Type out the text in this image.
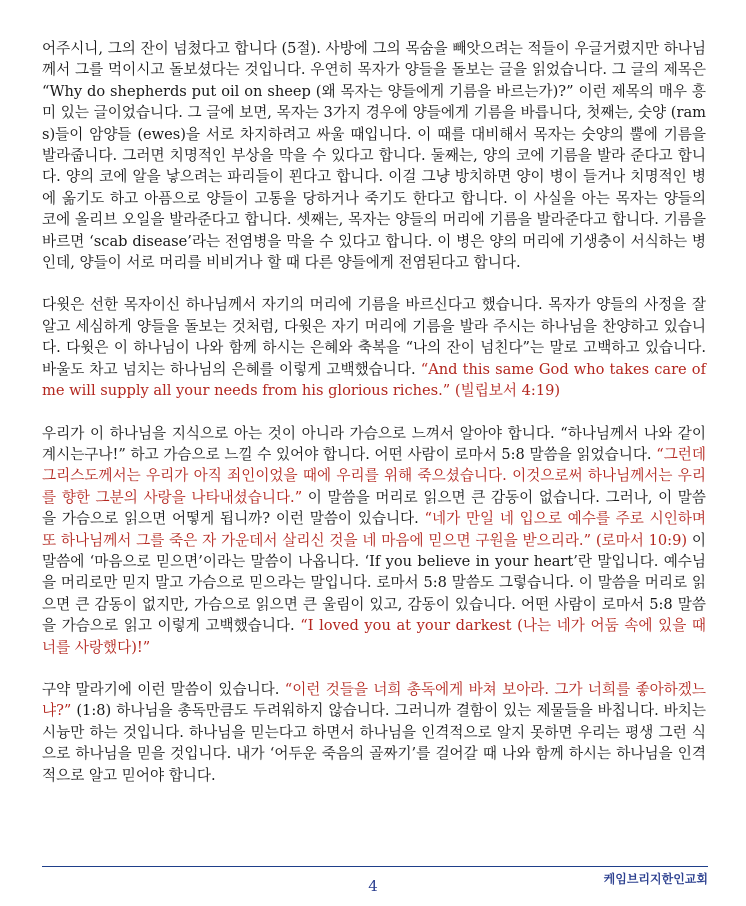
어주시니, 그의 잔이 넘쳤다고 합니다 (5절). 사방에 그의 목숨을 빼앗으려는 적들이 우글거렸지만 하나님께서 그를 먹이시고 돌보셨다는 것입니다. 우연히 목자가 양들을 돌보는 글을 읽었습니다. 그 글의 제목은 “Why do shepherds put oil on sheep (왜 목자는 양들에게 기름을 바르는가)?” 이런 제목의 매우 흥미 있는 글이었습니다. 그 글에 보면, 목자는 3가지 경우에 양들에게 기름을 바릅니다, 첫째는, 숫양 (rams)들이 암양들 (ewes)을 서로 차지하려고 싸울 때입니다. 이 때를 대비해서 목자는 숫양의 뿔에 기름을 발라줍니다. 그러면 치명적인 부상을 막을 수 있다고 합니다. 둘째는, 양의 코에 기름을 발라 준다고 합니다. 양의 코에 알을 낳으려는 파리들이 꾄다고 합니다. 이걸 그냥 방치하면 양이 병이 들거나 치명적인 병에 옮기도 하고 아픔으로 양들이 고통을 당하거나 죽기도 한다고 합니다. 이 사실을 아는 목자는 양들의 코에 올리브 오일을 발라준다고 합니다. 셋째는, 목자는 양들의 머리에 기름을 발라준다고 합니다. 기름을 바르면 ‘scab disease’라는 전염병을 막을 수 있다고 합니다. 이 병은 양의 머리에 기생충이 서식하는 병인데, 양들이 서로 머리를 비비거나 할 때 다른 양들에게 전염된다고 합니다.

다윗은 선한 목자이신 하나님께서 자기의 머리에 기름을 바르신다고 했습니다. 목자가 양들의 사정을 잘 알고 세심하게 양들을 돌보는 것처럼, 다윗은 자기 머리에 기름을 발라 주시는 하나님을 찬양하고 있습니다. 다윗은 이 하나님이 나와 함께 하시는 은혜와 축복을 “나의 잔이 넘친다”는 말로 고백하고 있습니다. 바울도 차고 넘치는 하나님의 은혜를 이렇게 고백했습니다. “And this same God who takes care of me will supply all your needs from his glorious riches.” (빌립보서 4:19)

우리가 이 하나님을 지식으로 아는 것이 아니라 가슴으로 느껴서 알아야 합니다. “하나님께서 나와 같이 계시는구나!” 하고 가슴으로 느낄 수 있어야 합니다. 어떤 사람이 로마서 5:8 말씀을 읽었습니다. “그런데 그리스도께서는 우리가 아직 죄인이었을 때에 우리를 위해 죽으셨습니다. 이것으로써 하나님께서는 우리를 향한 그분의 사랑을 나타내셨습니다.” 이 말씀을 머리로 읽으면 큰 감동이 없습니다. 그러나, 이 말씀을 가슴으로 읽으면 어떻게 됩니까? 이런 말씀이 있습니다. “네가 만일 네 입으로 예수를 주로 시인하며 또 하나님께서 그를 죽은 자 가운데서 살리신 것을 네 마음에 믿으면 구원을 받으리라.” (로마서 10:9) 이 말씀에 ‘마음으로 믿으면’이라는 말씀이 나옵니다. ‘If you believe in your heart’란 말입니다. 예수님을 머리로만 믿지 말고 가슴으로 믿으라는 말입니다. 로마서 5:8 말씀도 그렇습니다. 이 말씀을 머리로 읽으면 큰 감동이 없지만, 가슴으로 읽으면 큰 울림이 있고, 감동이 있습니다. 어떤 사람이 로마서 5:8 말씀을 가슴으로 읽고 이렇게 고백했습니다. “I loved you at your darkest (나는 네가 어둠 속에 있을 때 너를 사랑했다)!”

구약 말라기에 이런 말씀이 있습니다. “이런 것들을 너희 총독에게 바쳐 보아라. 그가 너희를 좋아하겠느냐?” (1:8) 하나님을 총독만큼도 두려워하지 않습니다. 그러니까 결함이 있는 제물들을 바칩니다. 바치는 시늉만 하는 것입니다. 하나님을 믿는다고 하면서 하나님을 인격적으로 알지 못하면 우리는 평생 그런 식으로 하나님을 믿을 것입니다. 내가 ‘어두운 죽음의 골짜기’를 걸어갈 때 나와 함께 하시는 하나님을 인격적으로 알고 믿어야 합니다.

4	케임브리지한인교회
